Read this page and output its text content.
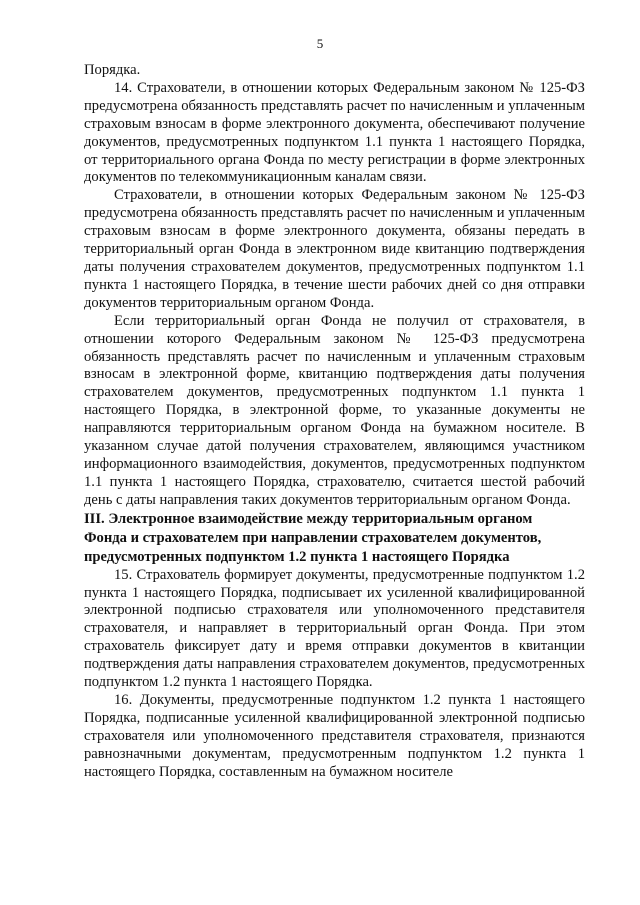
5

Порядка.

14. Страхователи, в отношении которых Федеральным законом № 125-ФЗ предусмотрена обязанность представлять расчет по начисленным и уплаченным страховым взносам в форме электронного документа, обеспечивают получение документов, предусмотренных подпунктом 1.1 пункта 1 настоящего Порядка, от территориального органа Фонда по месту регистрации в форме электронных документов по телекоммуникационным каналам связи.

Страхователи, в отношении которых Федеральным законом № 125-ФЗ предусмотрена обязанность представлять расчет по начисленным и уплаченным страховым взносам в форме электронного документа, обязаны передать в территориальный орган Фонда в электронном виде квитанцию подтверждения даты получения страхователем документов, предусмотренных подпунктом 1.1 пункта 1 настоящего Порядка, в течение шести рабочих дней со дня отправки документов территориальным органом Фонда.

Если территориальный орган Фонда не получил от страхователя, в отношении которого Федеральным законом № 125-ФЗ предусмотрена обязанность представлять расчет по начисленным и уплаченным страховым взносам в электронной форме, квитанцию подтверждения даты получения страхователем документов, предусмотренных подпунктом 1.1 пункта 1 настоящего Порядка, в электронной форме, то указанные документы не направляются территориальным органом Фонда на бумажном носителе. В указанном случае датой получения страхователем, являющимся участником информационного взаимодействия, документов, предусмотренных подпунктом 1.1 пункта 1 настоящего Порядка, страхователю, считается шестой рабочий день с даты направления таких документов территориальным органом Фонда.

III. Электронное взаимодействие между территориальным органом
Фонда и страхователем при направлении страхователем документов,
предусмотренных подпунктом 1.2 пункта 1 настоящего Порядка

15. Страхователь формирует документы, предусмотренные подпунктом 1.2 пункта 1 настоящего Порядка, подписывает их усиленной квалифицированной электронной подписью страхователя или уполномоченного представителя страхователя, и направляет в территориальный орган Фонда. При этом страхователь фиксирует дату и время отправки документов в квитанции подтверждения даты направления страхователем документов, предусмотренных подпунктом 1.2 пункта 1 настоящего Порядка.

16. Документы, предусмотренные подпунктом 1.2 пункта 1 настоящего Порядка, подписанные усиленной квалифицированной электронной подписью страхователя или уполномоченного представителя страхователя, признаются равнозначными документам, предусмотренным подпунктом 1.2 пункта 1 настоящего Порядка, составленным на бумажном носителе
